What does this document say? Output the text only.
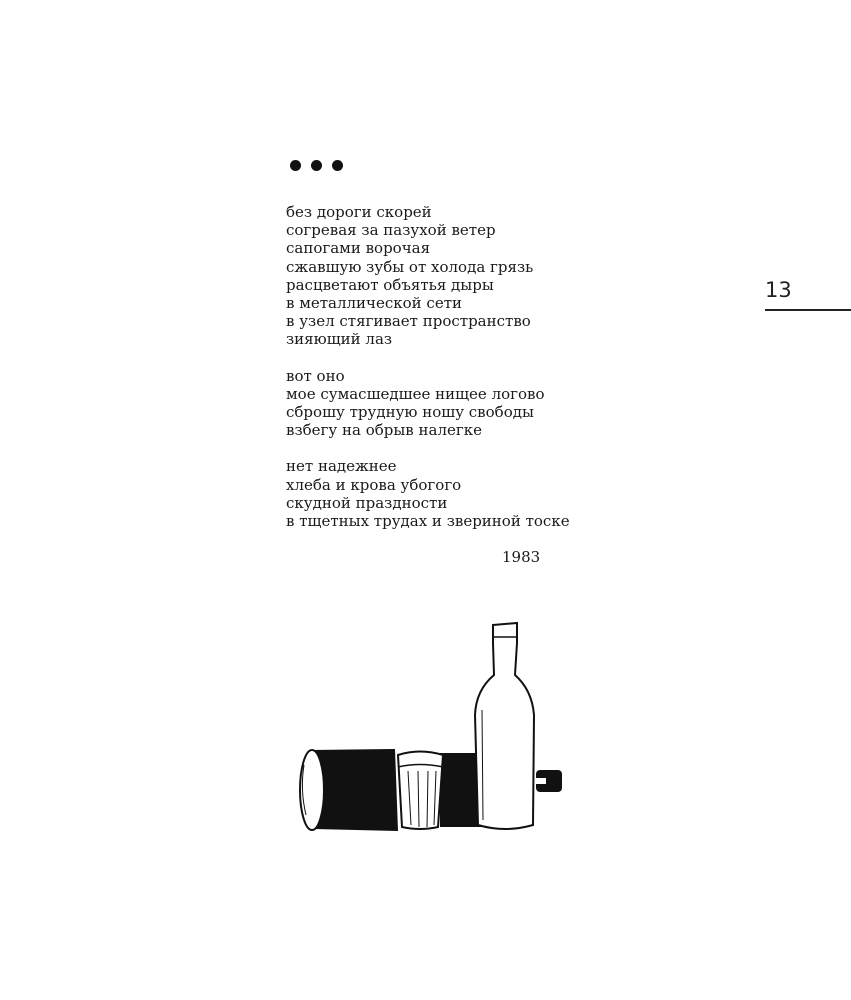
без дороги скорей
согревая за пазухой ветер
сапогами ворочая
сжавшую зубы от холода грязь
расцветают объятья дыры
в металлической сети
в узел стягивает пространство
зияющий лаз
вот оно
мое сумасшедшее нищее логово
сброшу трудную ношу свободы
взбегу на обрыв налегке
нет надежнее
хлеба и крова убогого
скудной праздности
в тщетных трудах и звериной тоске
1983
13
